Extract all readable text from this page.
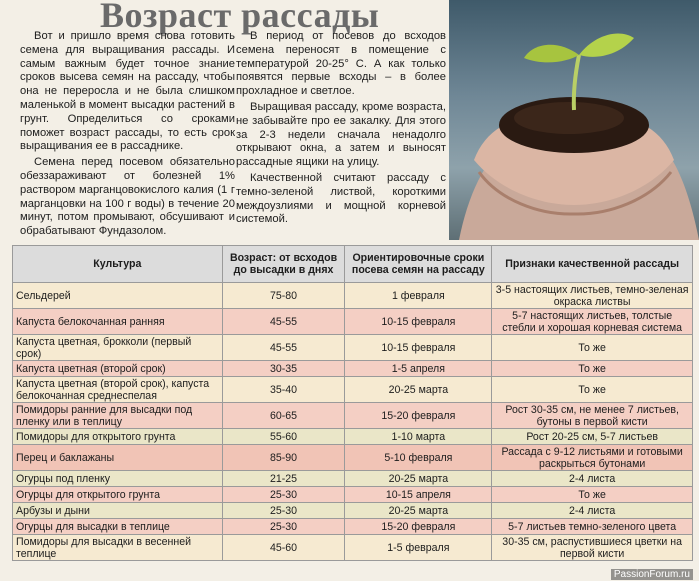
Возраст рассады

Вот и пришло время снова готовить семена для выращивания рассады. И самым важным будет точное знание сроков высева семян на рассаду, чтобы она не переросла и не была слишком маленькой в момент высадки растений в грунт. Определиться со сроками поможет возраст рассады, то есть срок выращивания ее в рассаднике.

Семена перед посевом обязательно обеззараживают от болезней 1% раствором марганцовокислого калия (1 г марганцовки на 100 г воды) в течение 20 минут, потом промывают, обсушивают и обрабатывают Фундазолом.

В период от посевов до всходов семена переносят в помещение с температурой 20-25° С. А как только появятся первые всходы – в более прохладное и светлое.

Выращивая рассаду, кроме возраста, не забывайте про ее закалку. Для этого за 2-3 недели сначала ненадолго открывают окна, а затем и выносят рассадные ящики на улицу.

Качественной считают рассаду с темно-зеленой листвой, короткими междоузлиями и мощной корневой системой.

Культура	Возраст: от всходов до высадки в днях	Ориентировочные сроки посева семян на рассаду	Признаки качественной рассады
Сельдерей	75-80	1 февраля	3-5 настоящих листьев, темно-зеленая окраска листвы
Капуста белокочанная ранняя	45-55	10-15 февраля	5-7 настоящих листьев, толстые стебли и хорошая корневая система
Капуста цветная, брокколи (первый срок)	45-55	10-15 февраля	То же
Капуста цветная (второй срок)	30-35	1-5 апреля	То же
Капуста цветная (второй срок), капуста белокочанная среднеспелая	35-40	20-25 марта	То же
Помидоры ранние для высадки под пленку или в теплицу	60-65	15-20 февраля	Рост 30-35 см, не менее 7 листьев, бутоны в первой кисти
Помидоры для открытого грунта	55-60	1-10 марта	Рост 20-25 см, 5-7 листьев
Перец и баклажаны	85-90	5-10 февраля	Рассада с 9-12 листьями и готовыми раскрыться бутонами
Огурцы под пленку	21-25	20-25 марта	2-4 листа
Огурцы для открытого грунта	25-30	10-15 апреля	То же
Арбузы и дыни	25-30	20-25 марта	2-4 листа
Огурцы для высадки в теплице	25-30	15-20 февраля	5-7 листьев темно-зеленого цвета
Помидоры для высадки в весенней теплице	45-60	1-5 февраля	30-35 см, распустившиеся цветки на первой кисти
PassionForum.ru
